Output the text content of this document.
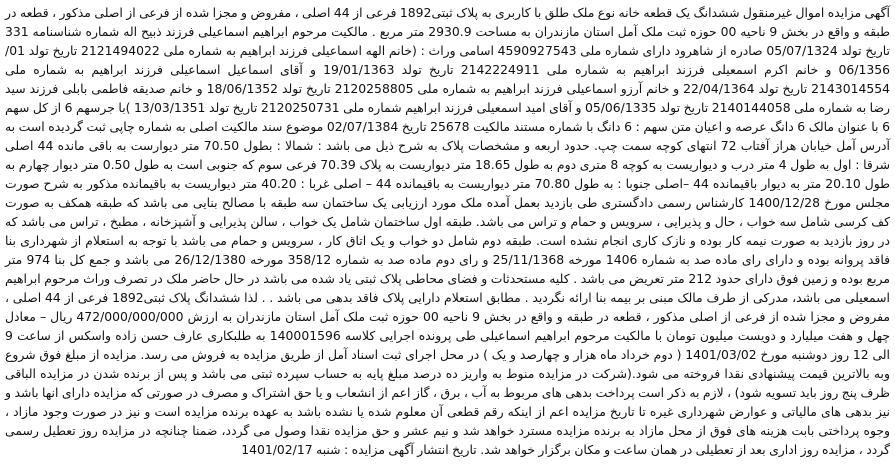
آگهی مزایده اموال غیرمنقول ششدانگ یک قطعه خانه نوع ملک طلق با کاربری به پلاک ثبتی1892 فرعی از 44 اصلی ، مفروض و مجزا شده از فرعی از اصلی مذکور ، قطعه در طبقه و واقع در بخش 9 ناحیه 00 حوزه ثبت ملک آمل استان مازندران به مساحت 2930.9 متر مربع . مالکیت مرحوم ابراهیم اسماعیلی فرزند ذبیح اله شماره شناسنامه 331 تاریخ تولد 05/07/1324 صادره از شاهرود دارای شماره ملی 4590927543 اسامی وراث : (خانم الهه اسماعیلی فرزند ابراهیم به شماره ملی 2121494022 تاریخ تولد 01/ 06/1356 و خانم اکرم اسمعیلی فرزند ابراهیم به شماره ملی 2142224911 تاریخ تولد 19/01/1363 و آقای اسماعیل اسماعیلی فرزند ابراهیم به شماره ملی 2143014554 تاریخ تولد 22/04/1364 و خانم آرزو اسماعیلی فرزند ابراهیم به شماره ملی 2120258805 تاریخ تولد 18/06/1352 و خانم صدیقه فاطمی بابلی فرزند سید رضا به شماره ملی 2140144058 تاریخ تولد 05/06/1335 و آقای امید اسمعیلی فرزند ابراهیم شماره ملی 2120250731 تاریخ تولد 13/03/1351 )با جرسهم 6 از کل سهم 6 با عنوان مالک 6 دانگ عرصه و اعیان متن سهم : 6 دانگ با شماره مستند مالکیت 25678 تاریخ 02/07/1384 موضوع سند مالکیت اصلی به شماره چاپی ثبت گردیده است به آدرس آمل خیابان هراز آفتاب 72 انتهای کوچه سمت چپ. حدود اربعه و مشخصات پلاک به شرح ذیل می باشد : شمالا : بطول 70.50 متر دیوارست به باقی مانده 44 اصلی شرقا : اول به طول 4 متر درب و دیواریست به کوچه 8 متری دوم به طول 18.65 متر دیواریست به پلاک 70.39 فرعی سوم که جنوبی است به طول 0.50 متر دیوار چهارم به طول 20.10 متر به دیوار باقیمانده 44 –اصلی جنوبا : به طول 70.80 متر دیواریست به باقیمانده 44 – اصلی غربا : 40.20 متر دیواریست به باقیمانده مذکور به شرح صورت مجلس مورخ 1400/12/28 کارشناس رسمی دادگستری طی بازدید بعمل آمده ملک مورد ارزیابی یک ساختمان سه طبقه با مصالح بنایی می باشد که طبقه همکف به صورت کف کرسی شامل سه خواب ، حال و پذیرایی ، سرویس و حمام و تراس می باشد. طبقه اول ساختمان شامل یک خواب ، سالن پذیرایی و آشپزخانه ، مطبخ ، تراس می باشد که در روز بازدید به صورت نیمه کار بوده و نازک کاری انجام نشده است. طبقه دوم شامل دو خواب و یک اتاق کار ، سرویس و حمام می باشد با توجه به استعلام از شهرداری بنا فاقد پروانه بوده و دارای رای ماده صد به شماره 1406 مورخه 25/11/1368 و رای دوم ماده صد به شماره 358/12 مورخه 26/12/1380 می باشد و جمع کل بنا 974 متر مربع بوده و زمین فوق دارای حدود 212 متر تعریض می باشد . کلیه مستحدثات و فضای محاطی پلاک ثبتی یاد شده می باشد در حال حاضر ملک در تصرف وراث مرحوم ابراهیم اسمعیلی می باشد، مدرکی از طرف مالک مبنی بر بیمه بنا ارائه نگردید . مطابق استعلام دارایی پلاک فاقد بدهی می باشد . . لذا ششدانگ پلاک ثبتی1892 فرعی از 44 اصلی ، مفروض و مجزا شده از فرعی از اصلی مذکور ، قطعه در طبقه و واقع در بخش 9 ناحیه 00 حوزه ثبت ملک آمل استان مازندران به ارزش 472/000/000/000 ریال – معادل چهل و هفت میلیارد و دویست میلیون تومان با مالکیت مرحوم ابراهیم اسماعیلی طی پرونده اجرایی کلاسه 140001596 به طلبکاری عارف حسن زاده واسکس از ساعت 9 الی 12 روز دوشنبه مورخ 1401/03/02 ( دوم خرداد ماه هزار و چهارصد و یک ) در محل اجرای ثبت اسناد آمل از طریق مزایده به فروش می رسد. مزایده از مبلغ فوق شروع وبه بالاترین قیمت پیشنهادی نقدا فروخته می شود.(شرکت در مزایده منوط به واریز ده درصد مبلغ پایه به حساب سپرده ثبتی می باشد و پس از برنده شدن در مزایده الباقی ظرف پنج روز باید تسویه شود) ، لازم به ذکر است پرداخت بدهی های مربوط به آب ، برق ، گاز اعم از انشعاب و یا حق اشتراک و مصرف در صورتی که مزایده دارای انها باشد و نیز بدهی های مالیاتی و عوارض شهرداری غیره تا تاریخ مزایده اعم از اینکه رقم قطعی آن معلوم شده یا نشده باشد به عهده برنده مزایده است و نیز در صورت وجود مازاد ، وجوه پرداختی بابت هزینه های فوق از محل مازاد به برنده مزایده مسترد خواهد شد و نیم عشر و حق مزایده نقدا وصول می گردد، ضمنا چنانچه در مزایده روز تعطیل رسمی گردد ، مزایده روز اداری بعد از تعطیلی در همان ساعت و مکان برگزار خواهد شد. تاریخ انتشار آگهی مزایده : شنبه 1401/02/17
